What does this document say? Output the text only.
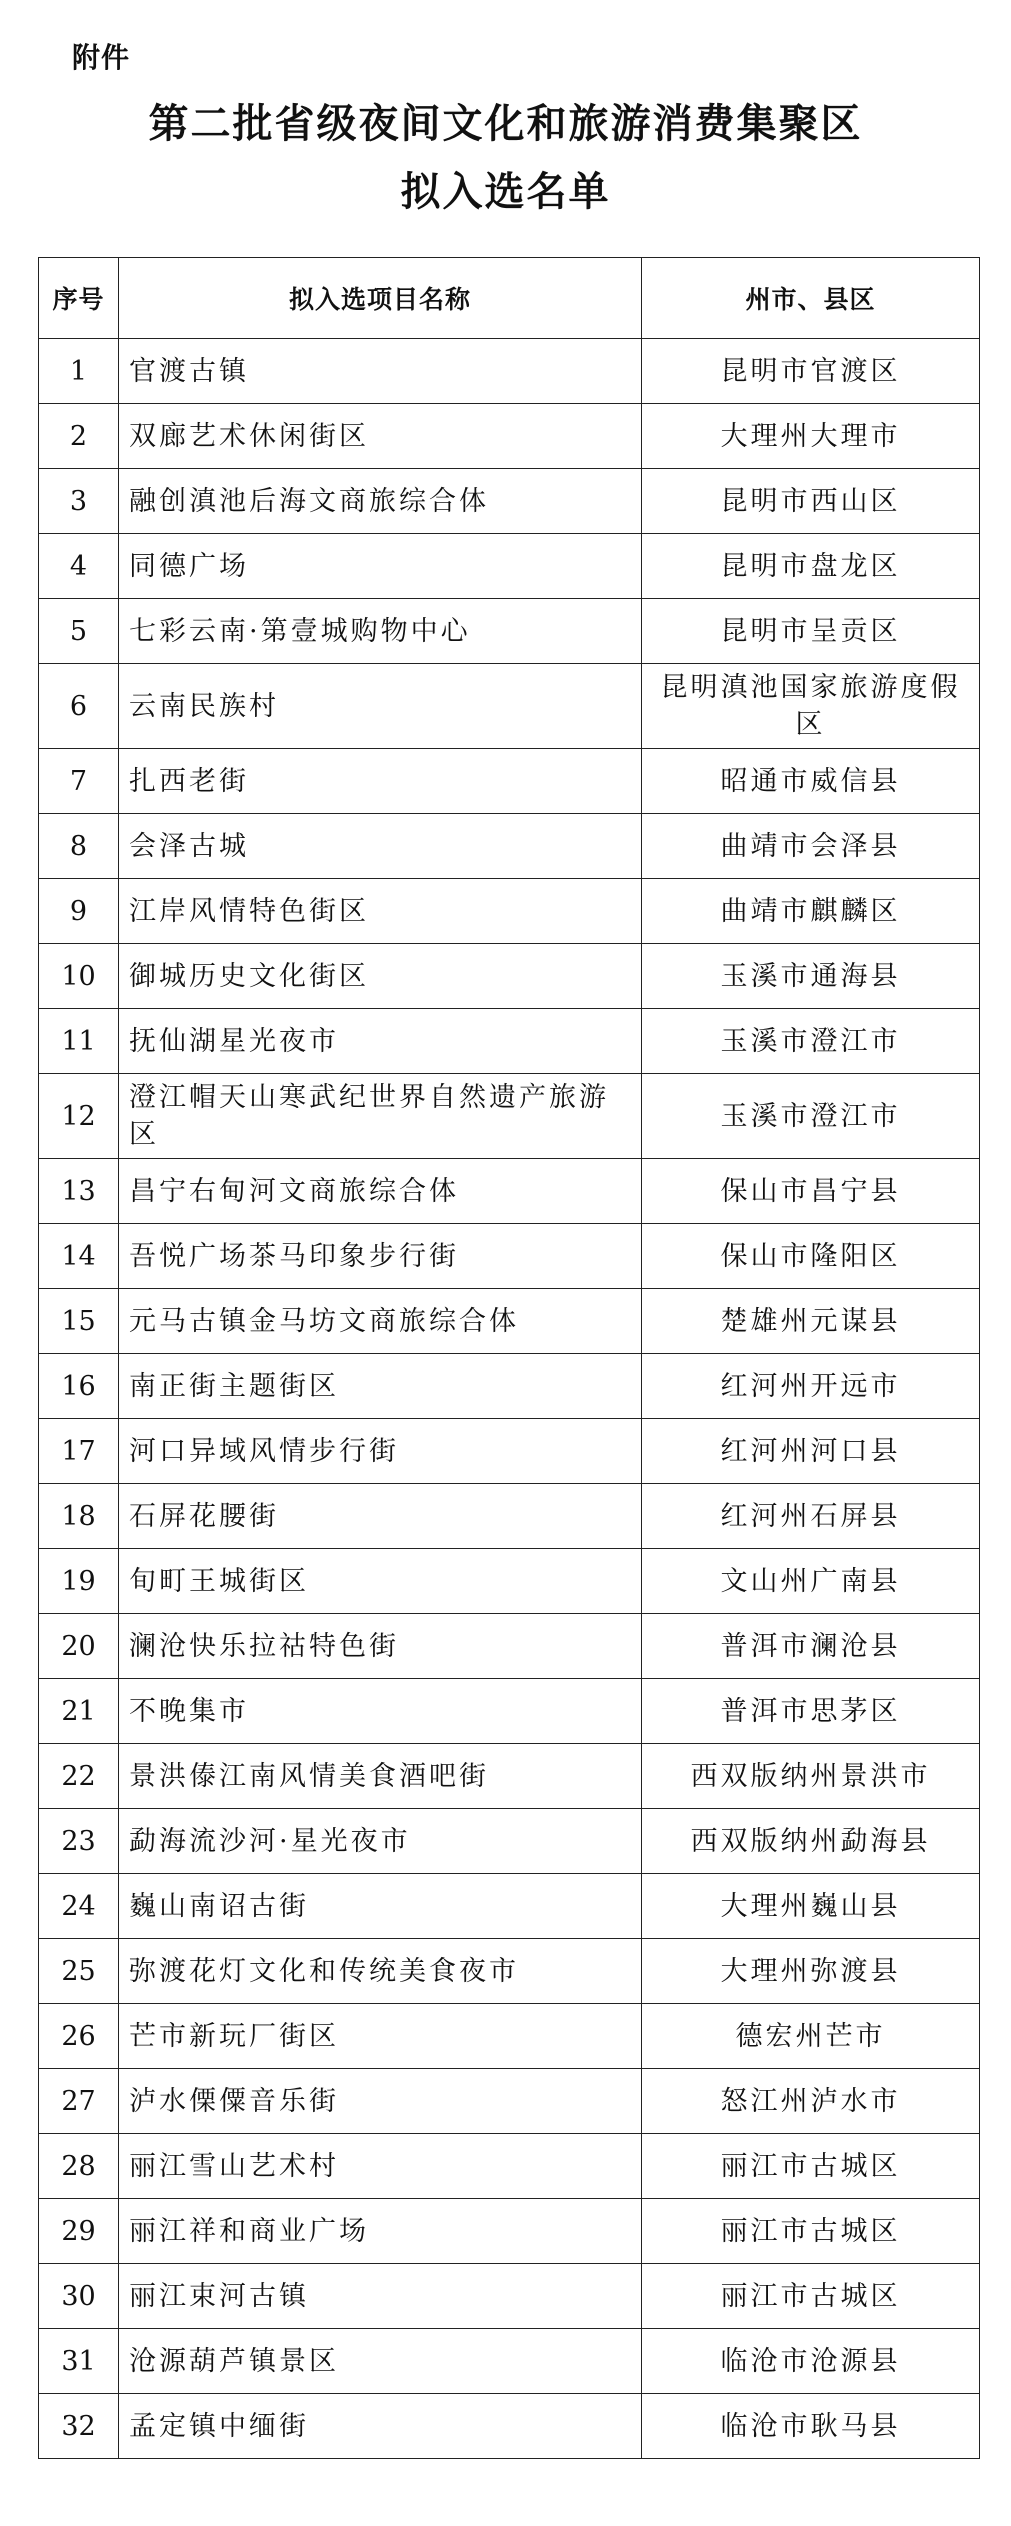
附件
第二批省级夜间文化和旅游消费集聚区
拟入选名单
序号	拟入选项目名称	州市、县区
1	官渡古镇	昆明市官渡区
2	双廊艺术休闲街区	大理州大理市
3	融创滇池后海文商旅综合体	昆明市西山区
4	同德广场	昆明市盘龙区
5	七彩云南·第壹城购物中心	昆明市呈贡区
6	云南民族村	昆明滇池国家旅游度假区
7	扎西老街	昭通市威信县
8	会泽古城	曲靖市会泽县
9	江岸风情特色街区	曲靖市麒麟区
10	御城历史文化街区	玉溪市通海县
11	抚仙湖星光夜市	玉溪市澄江市
12	澄江帽天山寒武纪世界自然遗产旅游区	玉溪市澄江市
13	昌宁右甸河文商旅综合体	保山市昌宁县
14	吾悦广场茶马印象步行街	保山市隆阳区
15	元马古镇金马坊文商旅综合体	楚雄州元谋县
16	南正街主题街区	红河州开远市
17	河口异域风情步行街	红河州河口县
18	石屏花腰街	红河州石屏县
19	旬町王城街区	文山州广南县
20	澜沧快乐拉祜特色街	普洱市澜沧县
21	不晚集市	普洱市思茅区
22	景洪傣江南风情美食酒吧街	西双版纳州景洪市
23	勐海流沙河·星光夜市	西双版纳州勐海县
24	巍山南诏古街	大理州巍山县
25	弥渡花灯文化和传统美食夜市	大理州弥渡县
26	芒市新玩厂街区	德宏州芒市
27	泸水傈僳音乐街	怒江州泸水市
28	丽江雪山艺术村	丽江市古城区
29	丽江祥和商业广场	丽江市古城区
30	丽江束河古镇	丽江市古城区
31	沧源葫芦镇景区	临沧市沧源县
32	孟定镇中缅街	临沧市耿马县
